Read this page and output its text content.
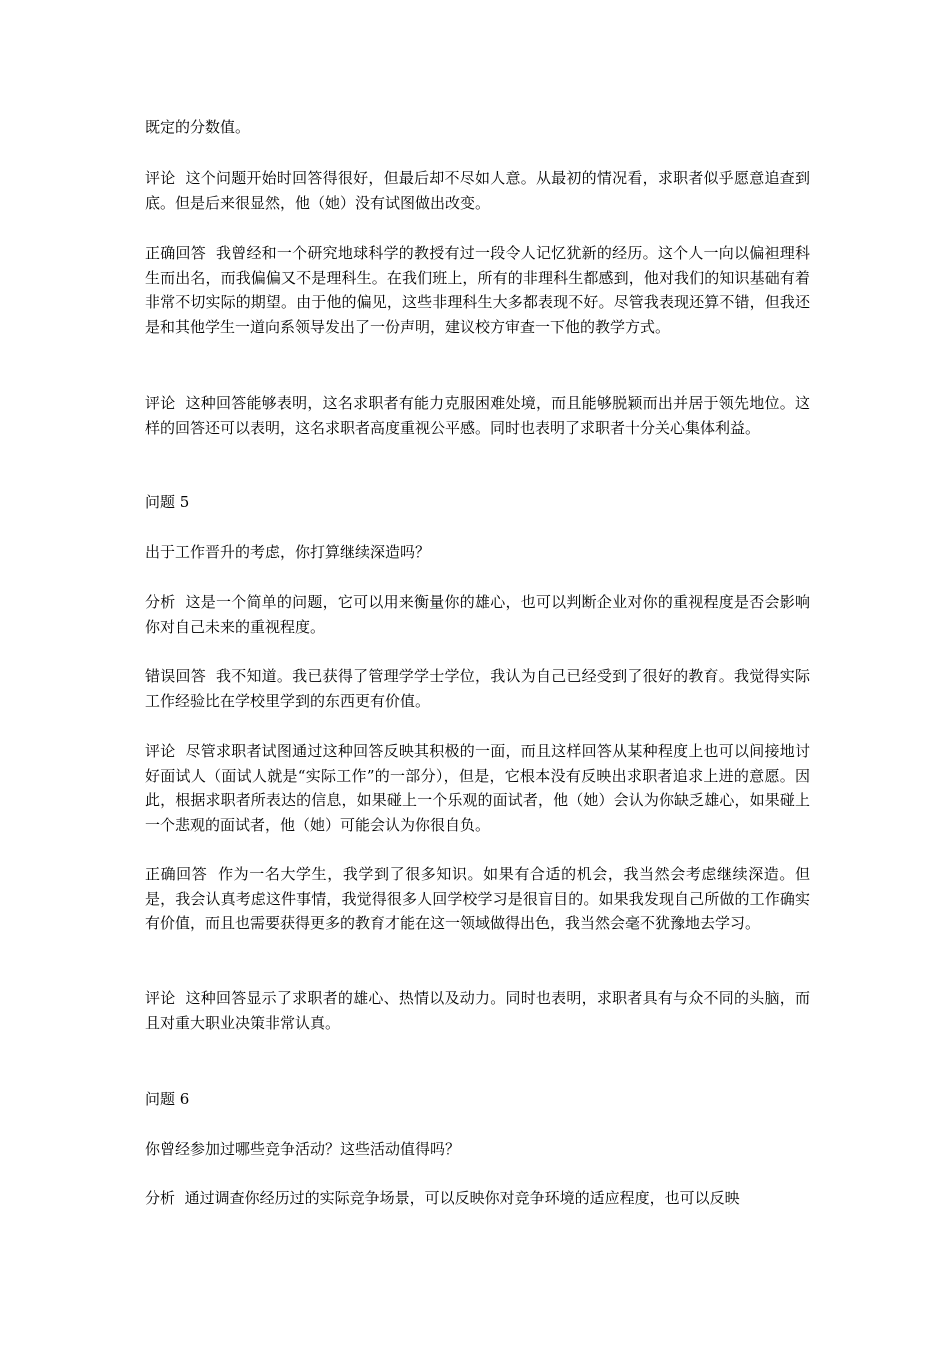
既定的分数值。

评论 这个问题开始时回答得很好，但最后却不尽如人意。从最初的情况看，求职者似乎愿意追查到底。但是后来很显然，他（她）没有试图做出改变。

正确回答 我曾经和一个研究地球科学的教授有过一段令人记忆犹新的经历。这个人一向以偏袒理科生而出名，而我偏偏又不是理科生。在我们班上，所有的非理科生都感到，他对我们的知识基础有着非常不切实际的期望。由于他的偏见，这些非理科生大多都表现不好。尽管我表现还算不错，但我还是和其他学生一道向系领导发出了一份声明，建议校方审查一下他的教学方式。

评论 这种回答能够表明，这名求职者有能力克服困难处境，而且能够脱颖而出并居于领先地位。这样的回答还可以表明，这名求职者高度重视公平感。同时也表明了求职者十分关心集体利益。

问题 5

出于工作晋升的考虑，你打算继续深造吗？

分析 这是一个简单的问题，它可以用来衡量你的雄心，也可以判断企业对你的重视程度是否会影响你对自己未来的重视程度。

错误回答 我不知道。我已获得了管理学学士学位，我认为自己已经受到了很好的教育。我觉得实际工作经验比在学校里学到的东西更有价值。

评论 尽管求职者试图通过这种回答反映其积极的一面，而且这样回答从某种程度上也可以间接地讨好面试人（面试人就是“实际工作”的一部分），但是，它根本没有反映出求职者追求上进的意愿。因此，根据求职者所表达的信息，如果碰上一个乐观的面试者，他（她）会认为你缺乏雄心，如果碰上一个悲观的面试者，他（她）可能会认为你很自负。

正确回答 作为一名大学生，我学到了很多知识。如果有合适的机会，我当然会考虑继续深造。但是，我会认真考虑这件事情，我觉得很多人回学校学习是很盲目的。如果我发现自己所做的工作确实有价值，而且也需要获得更多的教育才能在这一领域做得出色，我当然会毫不犹豫地去学习。

评论 这种回答显示了求职者的雄心、热情以及动力。同时也表明，求职者具有与众不同的头脑，而且对重大职业决策非常认真。

问题 6

你曾经参加过哪些竞争活动？这些活动值得吗？

分析 通过调查你经历过的实际竞争场景，可以反映你对竞争环境的适应程度，也可以反映
